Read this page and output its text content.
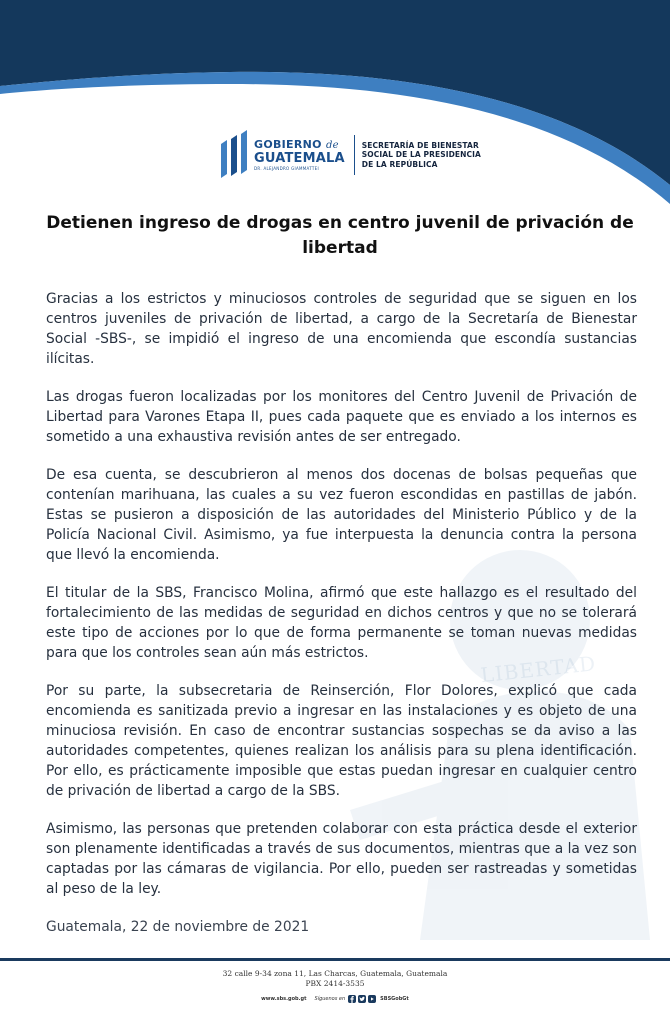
LIBERTAD
GOBIERNO de
GUATEMALA
DR. ALEJANDRO GIAMMATTEI
SECRETARÍA DE BIENESTAR
SOCIAL DE LA PRESIDENCIA
DE LA REPÚBLICA
Detienen ingreso de drogas en centro juvenil de privación de libertad

Gracias a los estrictos y minuciosos controles de seguridad que se siguen en los centros juveniles de privación de libertad, a cargo de la Secretaría de Bienestar Social -SBS-, se impidió el ingreso de una encomienda que escondía sustancias ilícitas.

Las drogas fueron localizadas por los monitores del Centro Juvenil de Privación de Libertad para Varones Etapa II, pues cada paquete que es enviado a los internos es sometido a una exhaustiva revisión antes de ser entregado.

De esa cuenta, se descubrieron al menos dos docenas de bolsas pequeñas que contenían marihuana, las cuales a su vez fueron escondidas en pastillas de jabón. Estas se pusieron a disposición de las autoridades del Ministerio Público y de la Policía Nacional Civil. Asimismo, ya fue interpuesta la denuncia contra la persona que llevó la encomienda.

El titular de la SBS, Francisco Molina, afirmó que este hallazgo es el resultado del fortalecimiento de las medidas de seguridad en dichos centros y que no se tolerará este tipo de acciones por lo que de forma permanente se toman nuevas medidas para que los controles sean aún más estrictos.

Por su parte, la subsecretaria de Reinserción, Flor Dolores, explicó que cada encomienda es sanitizada previo a ingresar en las instalaciones y es objeto de una minuciosa revisión. En caso de encontrar sustancias sospechas se da aviso a las autoridades competentes, quienes realizan los análisis para su plena identificación. Por ello, es prácticamente imposible que estas puedan ingresar en cualquier centro de privación de libertad a cargo de la SBS.

Asimismo, las personas que pretenden colaborar con esta práctica desde el exterior son plenamente identificadas a través de sus documentos, mientras que a la vez son captadas por las cámaras de vigilancia. Por ello, pueden ser rastreadas y sometidas al peso de la ley.

Guatemala, 22 de noviembre de 2021

32 calle 9-34 zona 11, Las Charcas, Guatemala, Guatemala
PBX 2414-3535
www.sbs.gob.gt Síguenos en	SBSGobGt
